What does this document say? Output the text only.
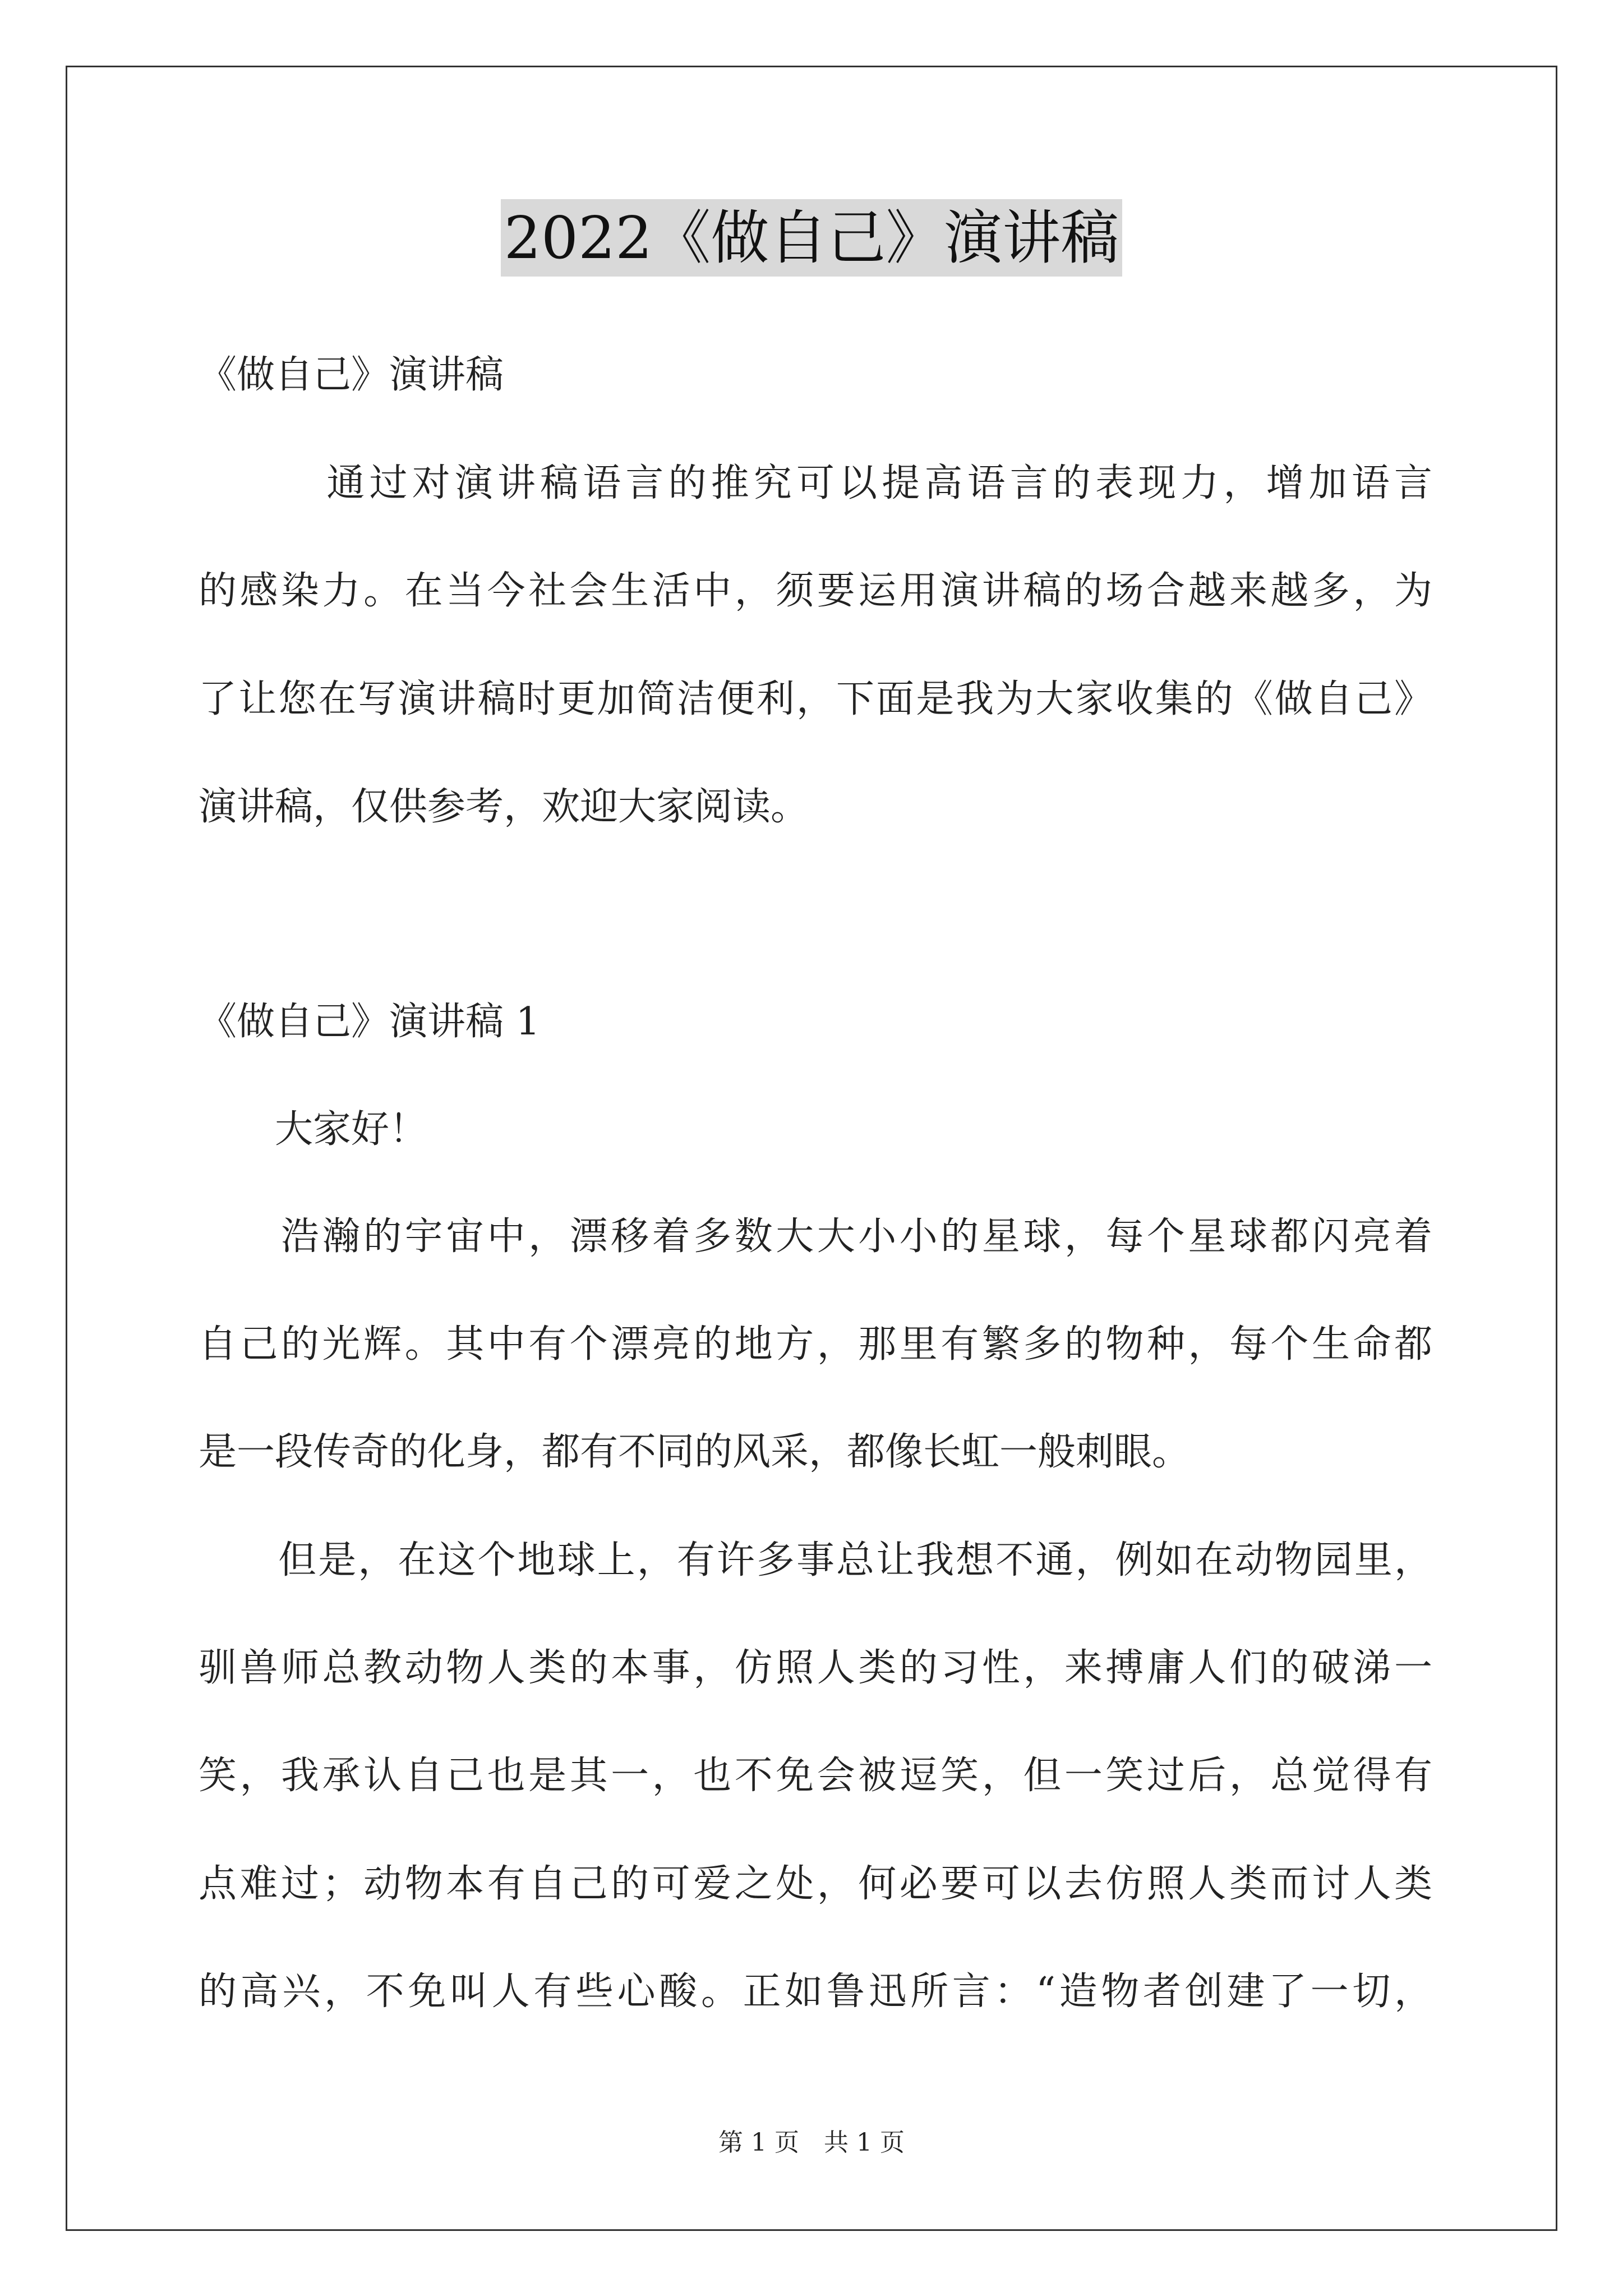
2022《做自己》演讲稿
《做自己》演讲稿
　　　通过对演讲稿语言的推究可以提高语言的表现力，增加语言
的感染力。在当今社会生活中，须要运用演讲稿的场合越来越多，为
了让您在写演讲稿时更加简洁便利，下面是我为大家收集的《做自己》
演讲稿，仅供参考，欢迎大家阅读。
《做自己》演讲稿 1
　　大家好！
　　浩瀚的宇宙中，漂移着多数大大小小的星球，每个星球都闪亮着
自己的光辉。其中有个漂亮的地方，那里有繁多的物种，每个生命都
是一段传奇的化身，都有不同的风采，都像长虹一般刺眼。
　　但是，在这个地球上，有许多事总让我想不通，例如在动物园里，
驯兽师总教动物人类的本事，仿照人类的习性，来搏庸人们的破涕一
笑，我承认自己也是其一，也不免会被逗笑，但一笑过后，总觉得有
点难过；动物本有自己的可爱之处，何必要可以去仿照人类而讨人类
的高兴，不免叫人有些心酸。正如鲁迅所言：“造物者创建了一切，
第 1 页　共 1 页
